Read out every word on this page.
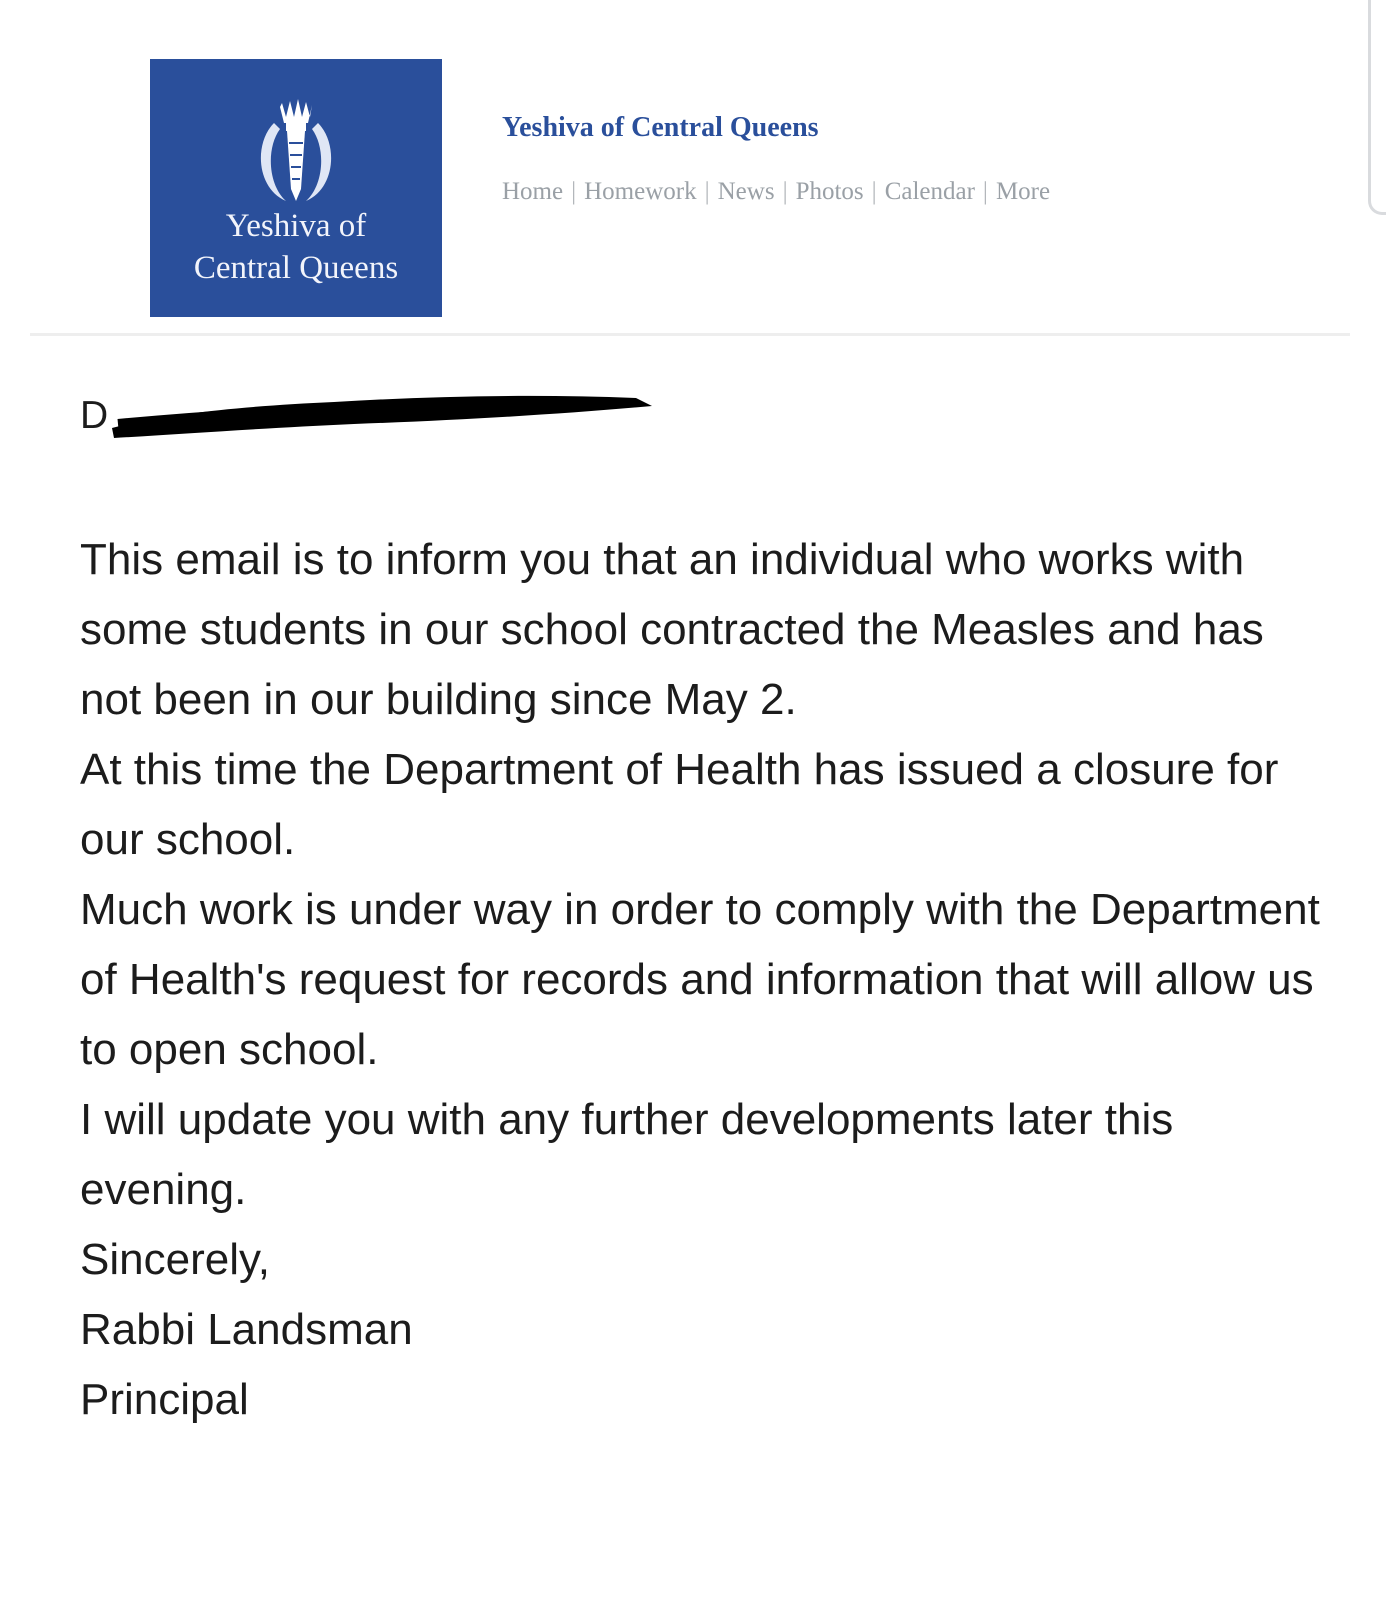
Yeshiva of
Central Queens
Yeshiva of Central Queens
Home | Homework | News | Photos | Calendar | More
D

This email is to inform you that an individual who works with some students in our school contracted the Measles and has not been in our building since May 2.

At this time the Department of Health has issued a closure for our school.

Much work is under way in order to comply with the Department of Health's request for records and information that will allow us to open school.

I will update you with any further developments later this evening.

Sincerely,

Rabbi Landsman

Principal
